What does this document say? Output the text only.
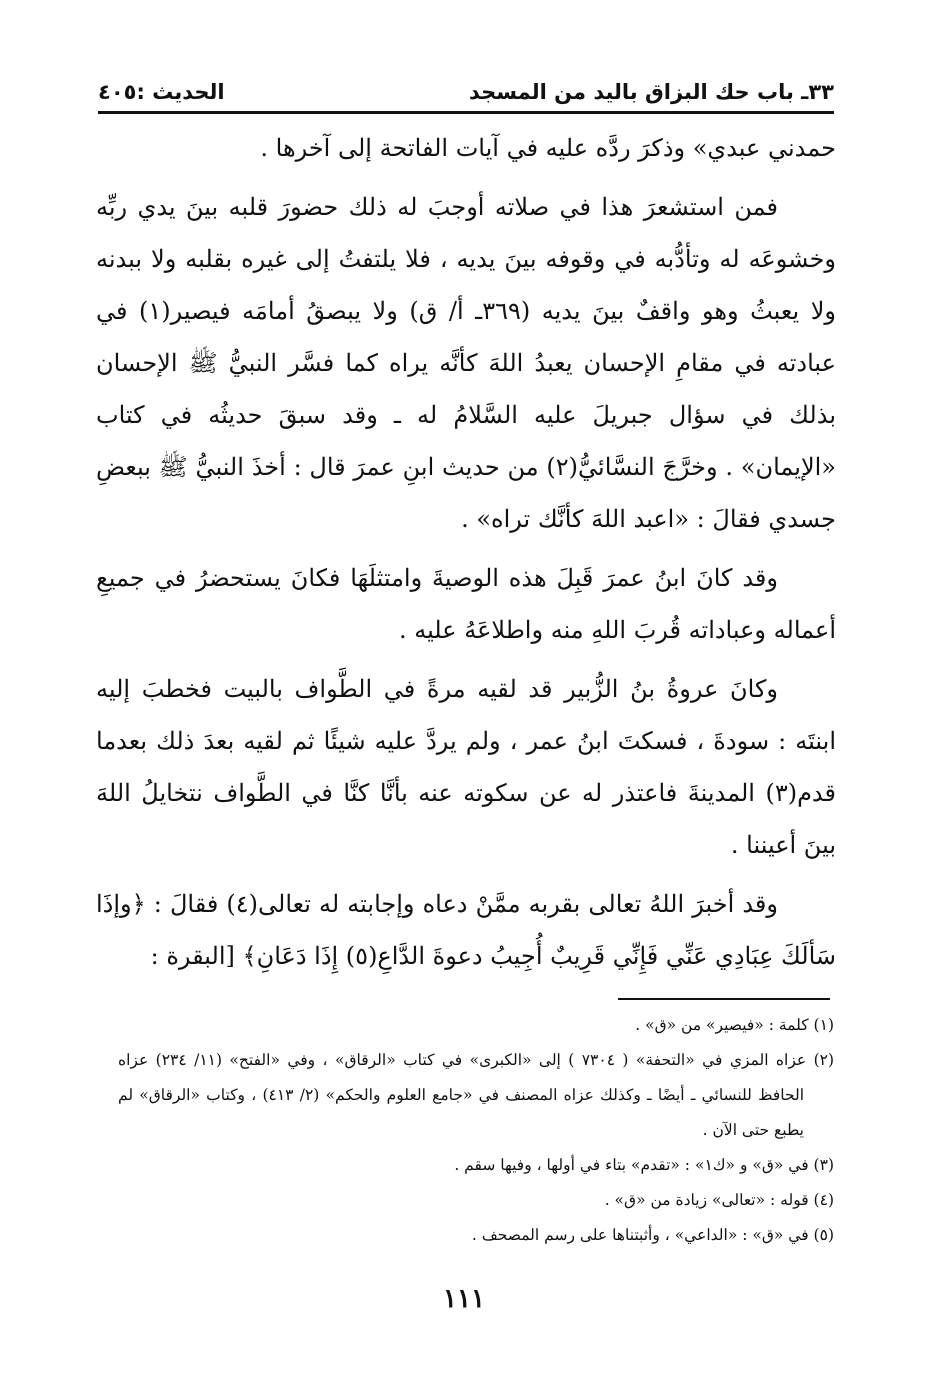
٣٣ـ باب حك البزاق باليد من المسجد
الحديث :٤٠٥

حمدني عبدي» وذكرَ ردَّه عليه في آيات الفاتحة إلى آخرها .

فمن استشعرَ هذا في صلاته أوجبَ له ذلك حضورَ قلبه بينَ يدي ربِّه وخشوعَه له وتأدُّبه في وقوفه بينَ يديه ، فلا يلتفتُ إلى غيره بقلبه ولا ببدنه ولا يعبثُ وهو واقفٌ بينَ يديه (٣٦٩ـ أ/ ق) ولا يبصقُ أمامَه فيصير(١) في عبادته في مقامِ الإحسان يعبدُ اللهَ كأنَّه يراه كما فسَّر النبيُّ ﷺ الإحسان بذلك في سؤال جبريلَ عليه السَّلامُ له ـ وقد سبقَ حديثُه في كتاب «الإيمان» . وخرَّجَ النسَّائيُّ(٢) من حديث ابنِ عمرَ قال : أخذَ النبيُّ ﷺ ببعضِ جسدي فقالَ : «اعبد اللهَ كأنَّك تراه» .

وقد كانَ ابنُ عمرَ قَبِلَ هذه الوصيةَ وامتثلَهَا فكانَ يستحضرُ في جميعِ أعماله وعباداته قُربَ اللهِ منه واطلاعَهُ عليه .

وكانَ عروةُ بنُ الزُّبير قد لقيه مرةً في الطَّواف بالبيت فخطبَ إليه ابنتَه : سودةَ ، فسكتَ ابنُ عمر ، ولم يردَّ عليه شيئًا ثم لقيه بعدَ ذلك بعدما قدم(٣) المدينةَ فاعتذر له عن سكوته عنه بأنَّا كنَّا في الطَّواف نتخايلُ اللهَ بينَ أعيننا .

وقد أخبرَ اللهُ تعالى بقربه ممَّنْ دعاه وإجابته له تعالى(٤) فقالَ : ﴿وإذَا سَألَكَ عِبَادِي عَنِّي فَإِنِّي قَرِيبٌ أُجِيبُ دعوةَ الدَّاعِ(٥) إِذَا دَعَانِ﴾ [البقرة :

(١) كلمة : «فيصير» من «ق» .

(٢) عزاه المزي في «التحفة» ( ٧٣٠٤ ) إلى «الكبرى» في كتاب «الرقاق» ، وفي «الفتح» (١١/ ٢٣٤) عزاه الحافظ للنسائي ـ أيضًا ـ وكذلك عزاه المصنف في «جامع العلوم والحكم» (٢/ ٤١٣) ، وكتاب «الرقاق» لم يطبع حتى الآن .

(٣) في «ق» و «ك١» : «تقدم» بتاء في أولها ، وفيها سقم .

(٤) قوله : «تعالى» زيادة من «ق» .

(٥) في «ق» : «الداعي» ، وأثبتناها على رسم المصحف .

١١١
